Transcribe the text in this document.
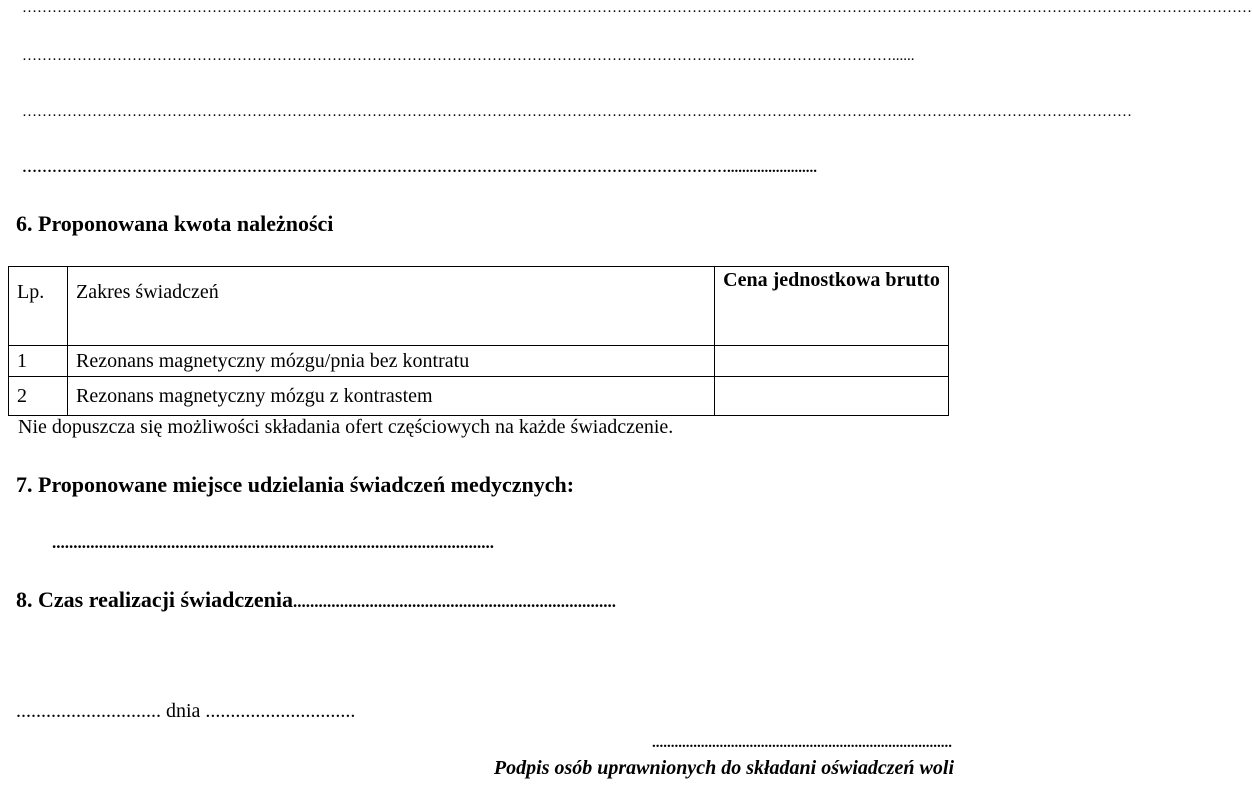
…………………………………………………………………………………………………………………………………………………………………………………………………………………………
…………………………………………………………………………………………………………………………………………………………......
……………………………………………………………………………………………………………………………………………………………………………………………………
……………………………………………………………………………………………………………………………........................
6. Proponowana kwota należności
Lp.	Zakres świadczeń	Cena jednostkowa brutto
1	Rezonans magnetyczny mózgu/pnia bez kontratu	
2	Rezonans magnetyczny mózgu z kontrastem	
Nie dopuszcza się możliwości składania ofert częściowych na każde świadczenie.
7. Proponowane miejsce udzielania świadczeń medycznych:
........................................................................................................
8. Czas realizacji świadczenia............................................................................
............................. dnia ..............................
................................................................................
Podpis osób uprawnionych do składani oświadczeń woli
